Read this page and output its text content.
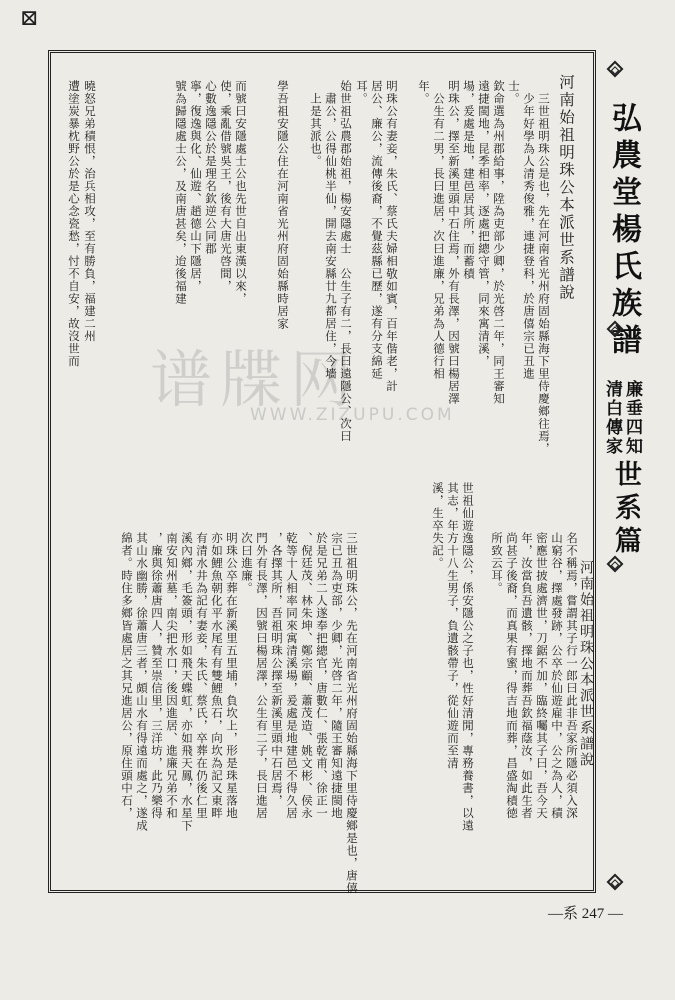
⊠
谱牒网
WWW.ZIZUPU.COM
弘農堂楊氏族譜
廉垂四知
清白傳家
世系篇
河南始祖明珠公本派世系譜說
　三世祖明珠公是也，先在河南省光州府固始縣海下里侍慶鄉往焉，
　少年好學為人清秀俊雅，連捷登科，於唐僖宗已丑進
士。
欽命選為州郡給事，陞為吏部少卿，於光啓二年，同王審知
遠捷閩地，昆季相率，逐處把總守管，同來寓清溪，
場，爰處是地，建邑居其所，而蓄積
明珠公，擇至新溪里頭中石住焉，外有長澤，因號曰楊居澤
　公生有二男，長曰進居，次曰進廉，兄弟為人德行相
年。
明珠公有妻妾，朱氏、蔡氏夫婦相敬如賓，百年偕老，計
居公、廉公，流傳後裔，不覺茲縣已歷，遂有分支綿延
耳。
始世祖弘農郡始祖，楊安隱處士　公生子有二，長曰遠隱公、次曰
　肅公，公得仙桃半仙，開去南安縣廿九都居住，今墻
　上是其派也。
學吾祖安隱公住在河南省光州府固始縣時居家
而號曰安隱處士公也先世自出東漢以來，
使，乘亂借號吳王，後有大唐光啓間，
心數逸隱公於是理名欽逆公同郡
寧，復逸與化、仙遊、趙德山下隱居，
號為歸隱處士公，及南唐甚矣，迨後福建
曉怒兄弟積恨，治兵相攻，至有勝負，福建二州
遭塗炭暴枕野公於是心念瓷愁，忖不自安，故沒世而
世祖仙遊逸隱公，係安隱公之子也，性好清閒，專務養書，以遠
其志，年方十八生男子，負遺骸帶子，從仙遊而至清
溪，生卒失記。
三世祖明珠公，先在河南省光州府固始縣海下里侍慶鄉是也，唐僖
宗已丑為吏部，少卿，光啓二年，隨王審知遠捷閩地
於是兄弟二人遂奉把總官，唐數仁、張乾甫、徐正一
、倪廷茂、林朱坤、鄭宗顧、蕭茂造、姚文彬、侯永
乾等十人相率同來寓清溪場，爰處是地建邑不得久居
，各擇其所，吾祖明珠公擇至新溪里頭中石居焉，
門外有長澤，因號曰楊居澤，公生有二子，長曰進居
次曰進廉。
明珠公卒葬在新溪里五里埔，負坎上，形是珠星落地
亦如鯉魚朝化平水尾有有雙鯉魚石，向坎為記又東畔
有清水井為記有妻妾，朱氏、蔡氏，卒葬在仍後仁里
溪內鄉，毛簽頭，形如飛天蝶虹，亦如飛天鳳，水星下
南安知州墓，南尖把水口，後因進居、進廉兄弟不和
，廉與徐蕭唐四人，贊至崇信里，三洋坊，此乃樂得
其山水幽勝，徐蕭唐三者，頗山水有得遠而處之，遂成
綿者。時住多鄉皆處居之其兄進居公，原住頭中石，	名不稱焉，嘗謂其子行一郎曰此非吾家所隱必須入深
山窮谷，擇處發跡，公卒於仙遊雇中，公之為人，積
密應世披處濟世，刀鋸不加，臨終囑其子曰，吾今天
年，汝當負吾遺骸，擇地而葬吾欽福蔭汝，如此生者
尚甚子後裔，而真果有蜜，得吉地而葬，昌盛淘積徳
所致云耳。	河南始祖明珠公本派世系譜說
—系 247 —
